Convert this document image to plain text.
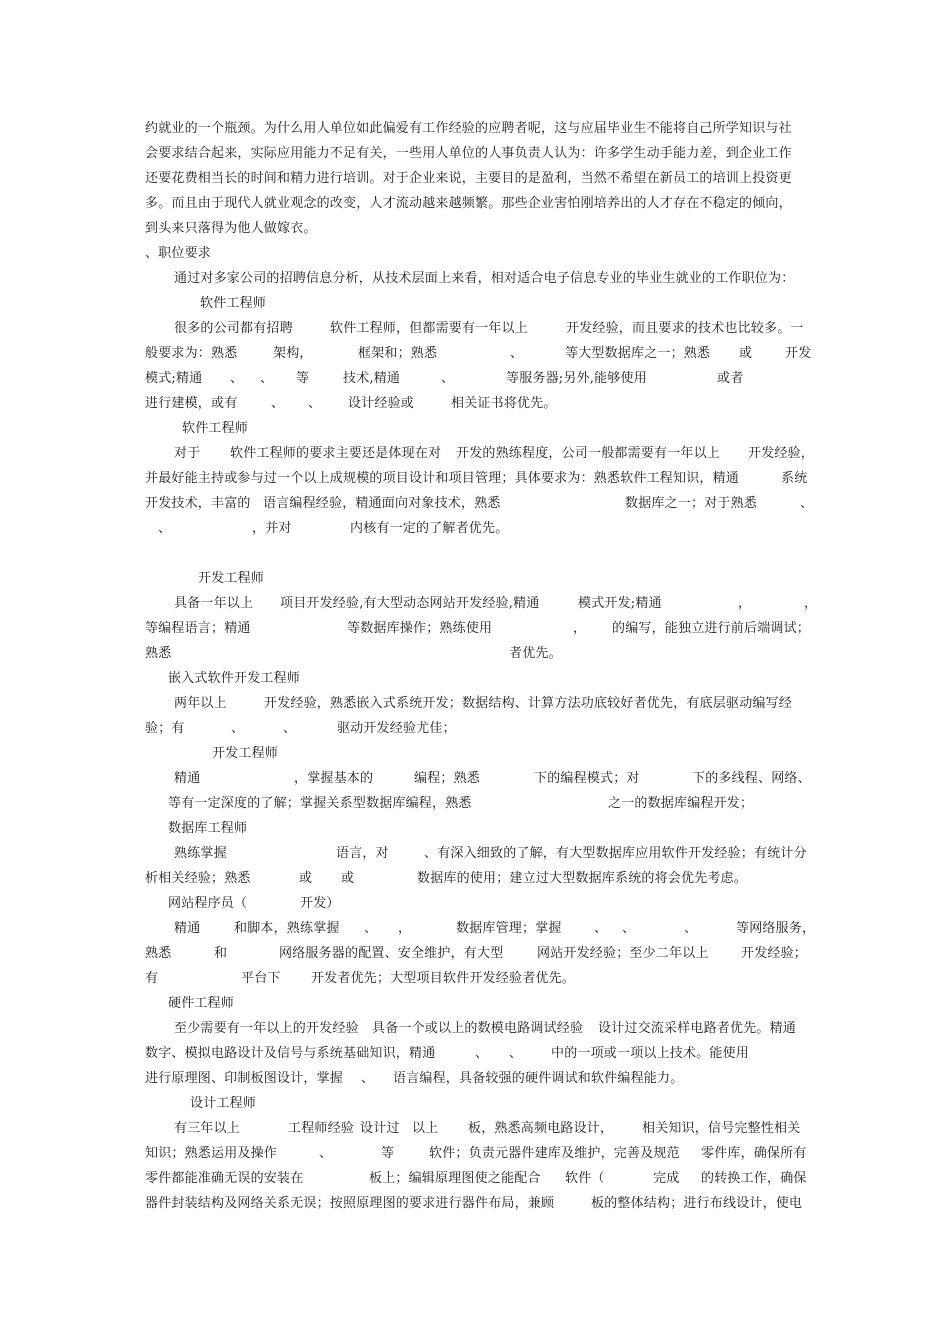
约就业的一个瓶颈。为什么用人单位如此偏爱有工作经验的应聘者呢，这与应届毕业生不能将自己所学知识与社
会要求结合起来，实际应用能力不足有关，一些用人单位的人事负责人认为：许多学生动手能力差，到企业工作
还要花费相当长的时间和精力进行培训。对于企业来说，主要目的是盈利，当然不希望在新员工的培训上投资更
多。而且由于现代人就业观念的改变，人才流动越来越频繁。那些企业害怕刚培养出的人才存在不稳定的倾向，
到头来只落得为他人做嫁衣。
、职位要求
通过对多家公司的招聘信息分析，从技术层面上来看，相对适合电子信息专业的毕业生就业的工作职位为：
软件工程师
很多的公司都有招聘	软件工程师，但都需要有一年以上	开发经验，而且要求的技术也比较多。一
般要求为：熟悉	架构，	框架和；熟悉	、	等大型数据库之一；熟悉 或	开发
模式;精通 、 、 等	技术,精通	、	等服务器;另外,能够使用	或者
进行建模，或有	、 、 设计经验或	相关证书将优先。
软件工程师
对于 软件工程师的要求主要还是体现在对 开发的熟练程度，公司一般都需要有一年以上 开发经验，
并最好能主持或参与过一个以上成规模的项目设计和项目管理；具体要求为：熟悉软件工程知识，精通	系统
开发技术，丰富的 语言编程经验，精通面向对象技术，熟悉	数据库之一；对于熟悉	、
、	，并对	内核有一定的了解者优先。
开发工程师
具备一年以上 项目开发经验,有大型动态网站开发经验,精通	模式开发;精通	，	，
等编程语言；精通	等数据库操作；熟练使用	， 的编写，能独立进行前后端调试；
熟悉	者优先。
嵌入式软件开发工程师
两年以上	开发经验，熟悉嵌入式系统开发；数据结构、计算方法功底较好者优先，有底层驱动编写经
验；有	、	、	驱动开发经验尤佳；
开发工程师
精通	，掌握基本的	编程；熟悉	下的编程模式；对	下的多线程、网络、
等有一定深度的了解；掌握关系型数据库编程，熟悉	之一的数据库编程开发；
数据库工程师
熟练掌握	语言，对	、有深入细致的了解，有大型数据库应用软件开发经验；有统计分
析相关经验；熟悉	或 或	数据库的使用；建立过大型数据库系统的将会优先考虑。
网站程序员（	开发）
精通	和脚本，熟练掌握 、 ，	数据库管理；掌握 、 、	、	等网络服务，
熟悉	和	网络服务器的配置、安全维护，有大型	网站开发经验；至少二年以上 开发经验；
有	平台下 开发者优先；大型项目软件开发经验者优先。
硬件工程师
至少需要有一年以上的开发经验 具备一个或以上的数模电路调试经验 设计过交流采样电路者优先。精通
数字、模拟电路设计及信号与系统基础知识，精通	、 、 中的一项或一项以上技术。能使用
进行原理图、印制板图设计，掌握 、 语言编程，具备较强的硬件调试和软件编程能力。
设计工程师
有三年以上	工程师经验 设计过 以上 板，熟悉高频电路设计， 相关知识，信号完整性相关
知识；熟悉运用及操作	、	等	软件；负责元器件建库及维护，完善及规范 零件库，确保所有
零件都能准确无误的安装在	板上；编辑原理图使之能配合 软件（	完成 的转换工作，确保
器件封装结构及网络关系无误；按照原理图的要求进行器件布局，兼顾	板的整体结构；进行布线设计，使电
